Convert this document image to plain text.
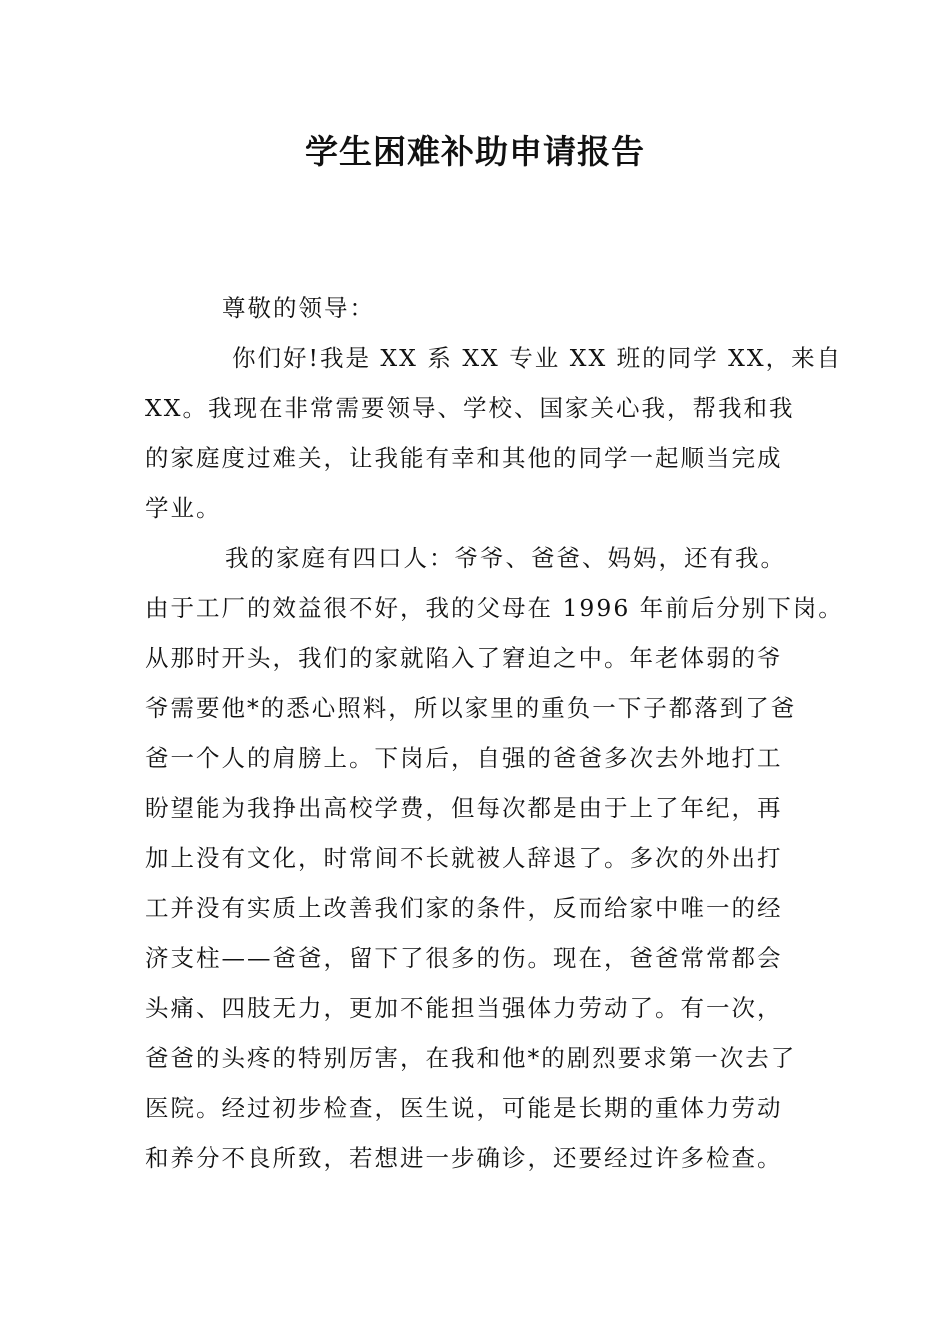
学生困难补助申请报告
尊敬的领导：
你们好!我是 XX 系 XX 专业 XX 班的同学 XX，来自
XX。我现在非常需要领导、学校、国家关心我，帮我和我
的家庭度过难关，让我能有幸和其他的同学一起顺当完成
学业。
我的家庭有四口人：爷爷、爸爸、妈妈，还有我。
由于工厂的效益很不好，我的父母在 1996 年前后分别下岗。
从那时开头，我们的家就陷入了窘迫之中。年老体弱的爷
爷需要他*的悉心照料，所以家里的重负一下子都落到了爸
爸一个人的肩膀上。下岗后，自强的爸爸多次去外地打工
盼望能为我挣出高校学费，但每次都是由于上了年纪，再
加上没有文化，时常间不长就被人辞退了。多次的外出打
工并没有实质上改善我们家的条件，反而给家中唯一的经
济支柱——爸爸，留下了很多的伤。现在，爸爸常常都会
头痛、四肢无力，更加不能担当强体力劳动了。有一次，
爸爸的头疼的特别厉害，在我和他*的剧烈要求第一次去了
医院。经过初步检查，医生说，可能是长期的重体力劳动
和养分不良所致，若想进一步确诊，还要经过许多检查。
